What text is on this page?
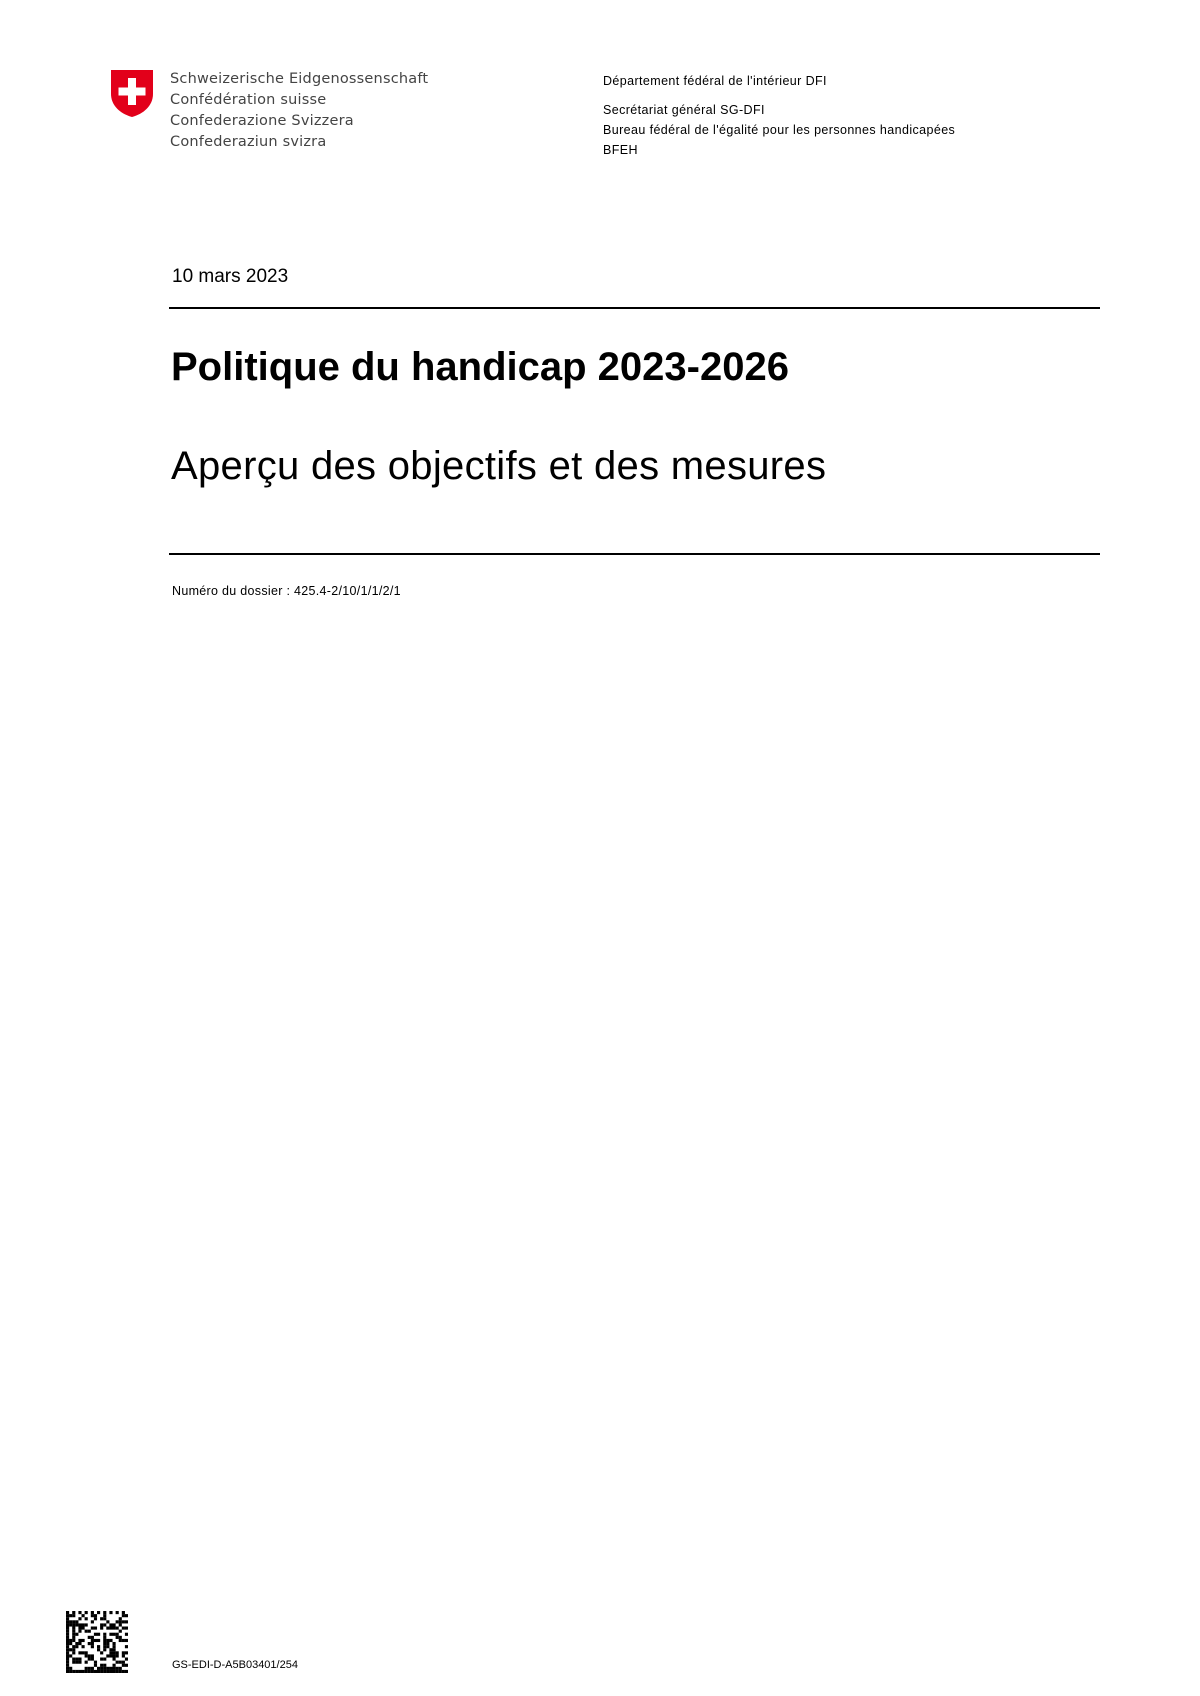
Schweizerische Eidgenossenschaft
Confédération suisse
Confederazione Svizzera
Confederaziun svizra
Département fédéral de l'intérieur DFI
Secrétariat général SG-DFI
Bureau fédéral de l'égalité pour les personnes handicapées
BFEH
10 mars 2023
Politique du handicap 2023-2026
Aperçu des objectifs et des mesures
Numéro du dossier : 425.4-2/10/1/1/2/1
GS-EDI-D-A5B03401/254
